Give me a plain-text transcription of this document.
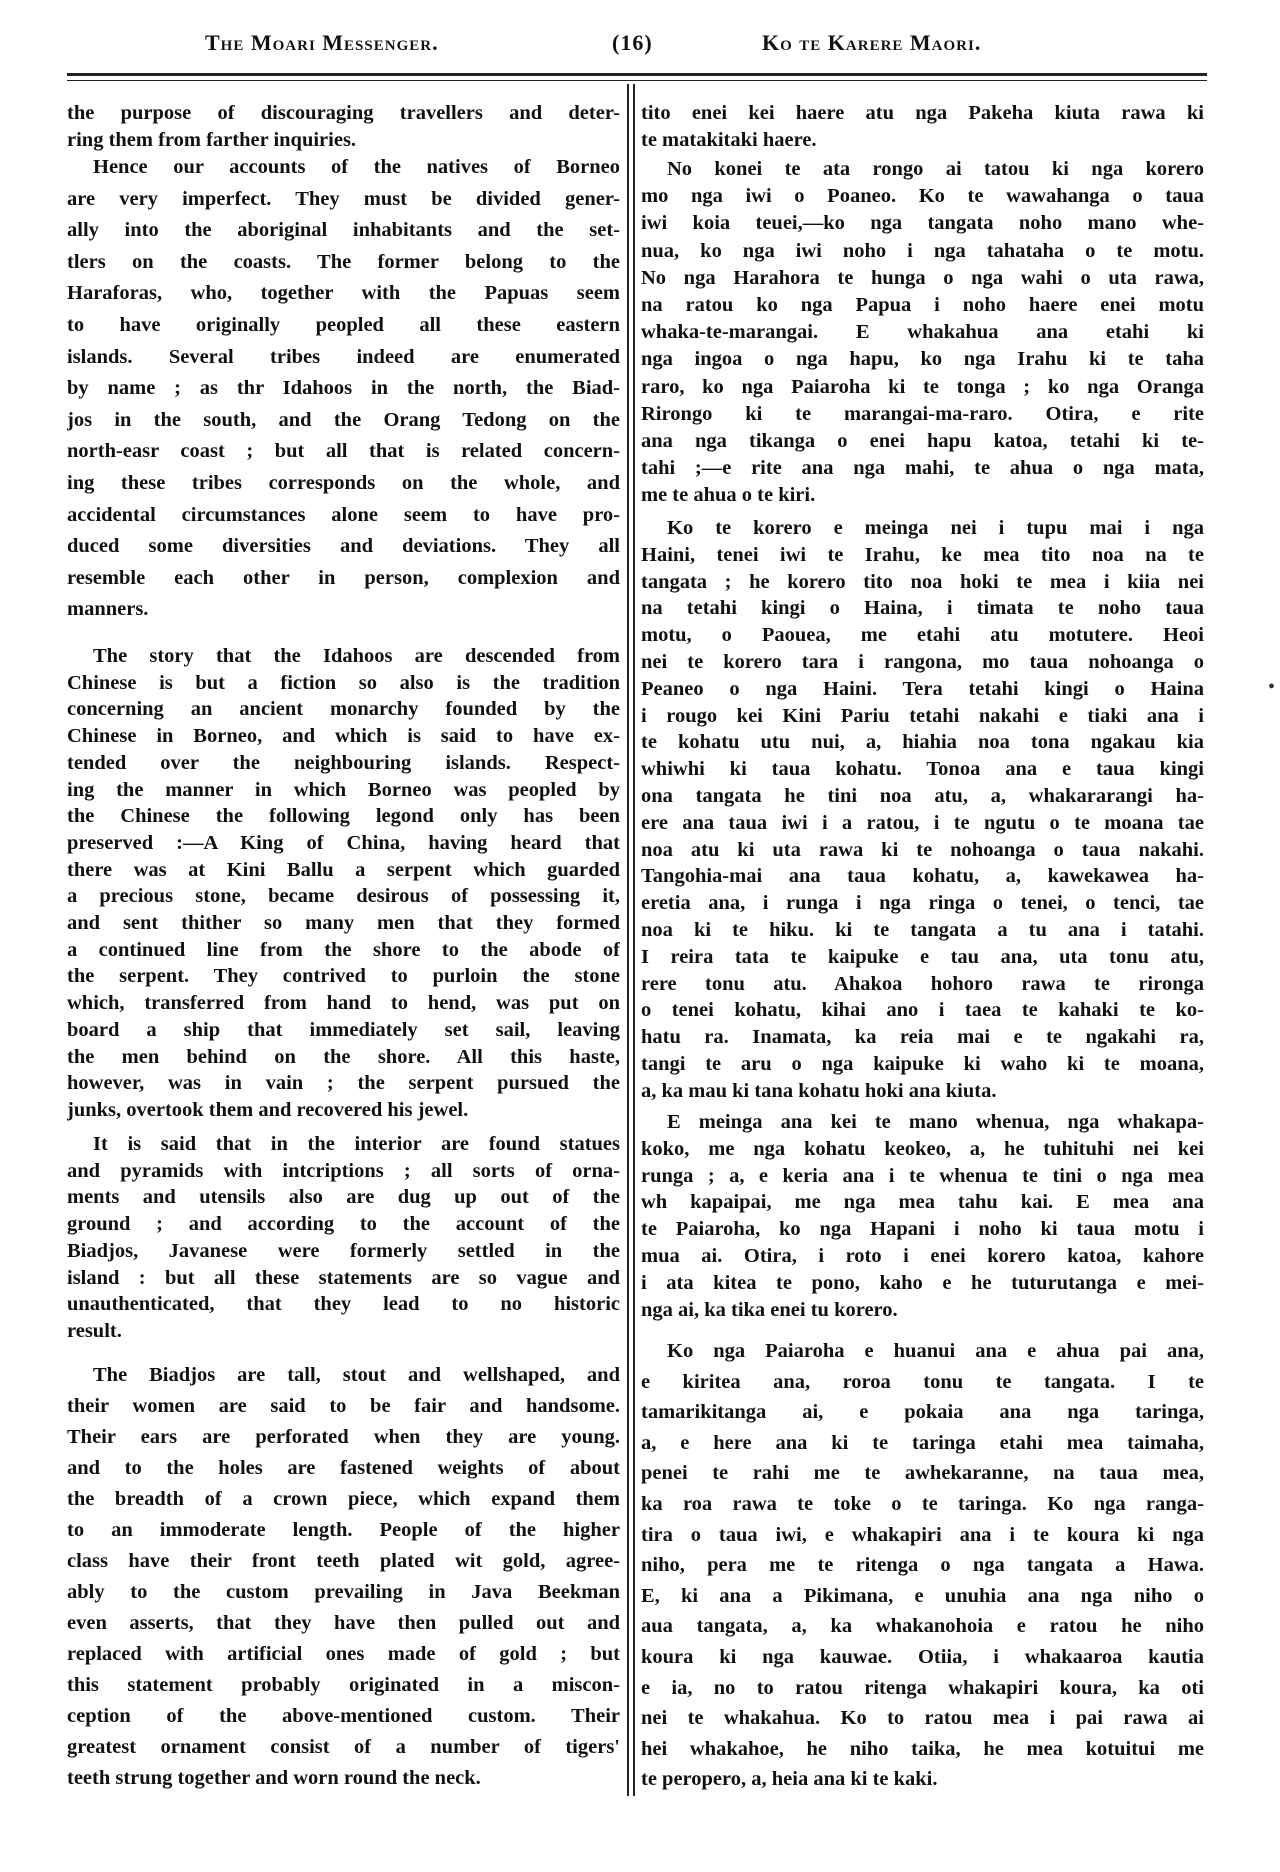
The Moari Messenger.	(16)	Ko te Karere Maori.
the purpose of discouraging travellers and deter-
ring them from farther inquiries.
Hence our accounts of the natives of Borneo
are very imperfect. They must be divided gener-
ally into the aboriginal inhabitants and the set-
tlers on the coasts. The former belong to the
Haraforas, who, together with the Papuas seem
to have originally peopled all these eastern
islands. Several tribes indeed are enumerated
by name ; as thr Idahoos in the north, the Biad-
jos in the south, and the Orang Tedong on the
north-easr coast ; but all that is related concern-
ing these tribes corresponds on the whole, and
accidental circumstances alone seem to have pro-
duced some diversities and deviations. They all
resemble each other in person, complexion and
manners.
The story that the Idahoos are descended from
Chinese is but a fiction so also is the tradition
concerning an ancient monarchy founded by the
Chinese in Borneo, and which is said to have ex-
tended over the neighbouring islands. Respect-
ing the manner in which Borneo was peopled by
the Chinese the following legond only has been
preserved :—A King of China, having heard that
there was at Kini Ballu a serpent which guarded
a precious stone, became desirous of possessing it,
and sent thither so many men that they formed
a continued line from the shore to the abode of
the serpent. They contrived to purloin the stone
which, transferred from hand to hend, was put on
board a ship that immediately set sail, leaving
the men behind on the shore. All this haste,
however, was in vain ; the serpent pursued the
junks, overtook them and recovered his jewel.
It is said that in the interior are found statues
and pyramids with intcriptions ; all sorts of orna-
ments and utensils also are dug up out of the
ground ; and according to the account of the
Biadjos, Javanese were formerly settled in the
island : but all these statements are so vague and
unauthenticated, that they lead to no historic
result.
The Biadjos are tall, stout and wellshaped, and
their women are said to be fair and handsome.
Their ears are perforated when they are young.
and to the holes are fastened weights of about
the breadth of a crown piece, which expand them
to an immoderate length. People of the higher
class have their front teeth plated wit gold, agree-
ably to the custom prevailing in Java Beekman
even asserts, that they have then pulled out and
replaced with artificial ones made of gold ; but
this statement probably originated in a miscon-
ception of the above-mentioned custom. Their
greatest ornament consist of a number of tigers'
teeth strung together and worn round the neck.
tito enei kei haere atu nga Pakeha kiuta rawa ki
te matakitaki haere.
No konei te ata rongo ai tatou ki nga korero
mo nga iwi o Poaneo. Ko te wawahanga o taua
iwi koia teuei,—ko nga tangata noho mano whe-
nua, ko nga iwi noho i nga tahataha o te motu.
No nga Harahora te hunga o nga wahi o uta rawa,
na ratou ko nga Papua i noho haere enei motu
whaka-te-marangai. E whakahua ana etahi ki
nga ingoa o nga hapu, ko nga Irahu ki te taha
raro, ko nga Paiaroha ki te tonga ; ko nga Oranga
Rirongo ki te marangai-ma-raro. Otira, e rite
ana nga tikanga o enei hapu katoa, tetahi ki te-
tahi ;—e rite ana nga mahi, te ahua o nga mata,
me te ahua o te kiri.
Ko te korero e meinga nei i tupu mai i nga
Haini, tenei iwi te Irahu, ke mea tito noa na te
tangata ; he korero tito noa hoki te mea i kiia nei
na tetahi kingi o Haina, i timata te noho taua
motu, o Paouea, me etahi atu motutere. Heoi
nei te korero tara i rangona, mo taua nohoanga o
Peaneo o nga Haini. Tera tetahi kingi o Haina
i rougo kei Kini Pariu tetahi nakahi e tiaki ana i
te kohatu utu nui, a, hiahia noa tona ngakau kia
whiwhi ki taua kohatu. Tonoa ana e taua kingi
ona tangata he tini noa atu, a, whakararangi ha-
ere ana taua iwi i a ratou, i te ngutu o te moana tae
noa atu ki uta rawa ki te nohoanga o taua nakahi.
Tangohia-mai ana taua kohatu, a, kawekawea ha-
eretia ana, i runga i nga ringa o tenei, o tenci, tae
noa ki te hiku. ki te tangata a tu ana i tatahi.
I reira tata te kaipuke e tau ana, uta tonu atu,
rere tonu atu. Ahakoa hohoro rawa te rironga
o tenei kohatu, kihai ano i taea te kahaki te ko-
hatu ra. Inamata, ka reia mai e te ngakahi ra,
tangi te aru o nga kaipuke ki waho ki te moana,
a, ka mau ki tana kohatu hoki ana kiuta.
E meinga ana kei te mano whenua, nga whakapa-
koko, me nga kohatu keokeo, a, he tuhituhi nei kei
runga ; a, e keria ana i te whenua te tini o nga mea
wh kapaipai, me nga mea tahu kai. E mea ana
te Paiaroha, ko nga Hapani i noho ki taua motu i
mua ai. Otira, i roto i enei korero katoa, kahore
i ata kitea te pono, kaho e he tuturutanga e mei-
nga ai, ka tika enei tu korero.
Ko nga Paiaroha e huanui ana e ahua pai ana,
e kiritea ana, roroa tonu te tangata. I te
tamarikitanga ai, e pokaia ana nga taringa,
a, e here ana ki te taringa etahi mea taimaha,
penei te rahi me te awhekaranne, na taua mea,
ka roa rawa te toke o te taringa. Ko nga ranga-
tira o taua iwi, e whakapiri ana i te koura ki nga
niho, pera me te ritenga o nga tangata a Hawa.
E, ki ana a Pikimana, e unuhia ana nga niho o
aua tangata, a, ka whakanohoia e ratou he niho
koura ki nga kauwae. Otiia, i whakaaroa kautia
e ia, no to ratou ritenga whakapiri koura, ka oti
nei te whakahua. Ko to ratou mea i pai rawa ai
hei whakahoe, he niho taika, he mea kotuitui me
te peropero, a, heia ana ki te kaki.
•
